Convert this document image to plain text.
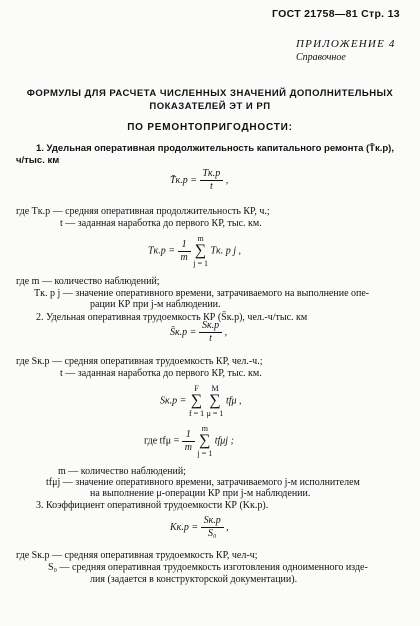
ГОСТ 21758—81 Стр. 13
ПРИЛОЖЕНИЕ 4
Справочное
ФОРМУЛЫ ДЛЯ РАСЧЕТА ЧИСЛЕННЫХ ЗНАЧЕНИЙ ДОПОЛНИТЕЛЬНЫХ
ПОКАЗАТЕЛЕЙ ЭТ И РП
ПО РЕМОНТОПРИГОДНОСТИ:
1. Удельная оперативная продолжительность капитального ремонта (T̄к.р),
ч/тыс. км
T̄к.р = $\frac{Tк.р}{t}$ ,
где Tк.р — средняя оперативная продолжительность КР, ч.;
t — заданная наработка до первого КР, тыс. км.
$Tк.р = \frac{1}{m}$
m
∑
j = 1
Tк. р j ,
где m — количество наблюдений;
Tк. р j — значение оперативного времени, затрачиваемого на выполнение опе-
рации КР при j-м наблюдении.
2. Удельная оперативная трудоемкость КР (S̄к.р), чел.-ч/тыс. км
S̄к.р = $\frac{Sк.р}{t}$ ,
где Sк.р — средняя оперативная трудоемкость КР, чел.-ч.;
t — заданная наработка до первого КР, тыс. км.
Sк.р =
F
∑
f = 1

M
∑
μ = 1
tfμ ,
где $tf\mu = \frac{1}{m}$
m
∑
j = 1
tfμj ;
m — количество наблюдений;
tfμj — значение оперативного времени, затрачиваемого j-м исполнителем
на выполнение μ-операции КР при j-м наблюдении.
3. Коэффициент оперативной трудоемкости КР (Kк.р).
$Kк.р = \frac{Sк.р}{\text{S₀}}$ ,
где Sк.р — средняя оперативная трудоемкость КР, чел-ч;
S₀ — средняя оперативная трудоемкость изготовления одноименного изде-
лия (задается в конструкторской документации).
